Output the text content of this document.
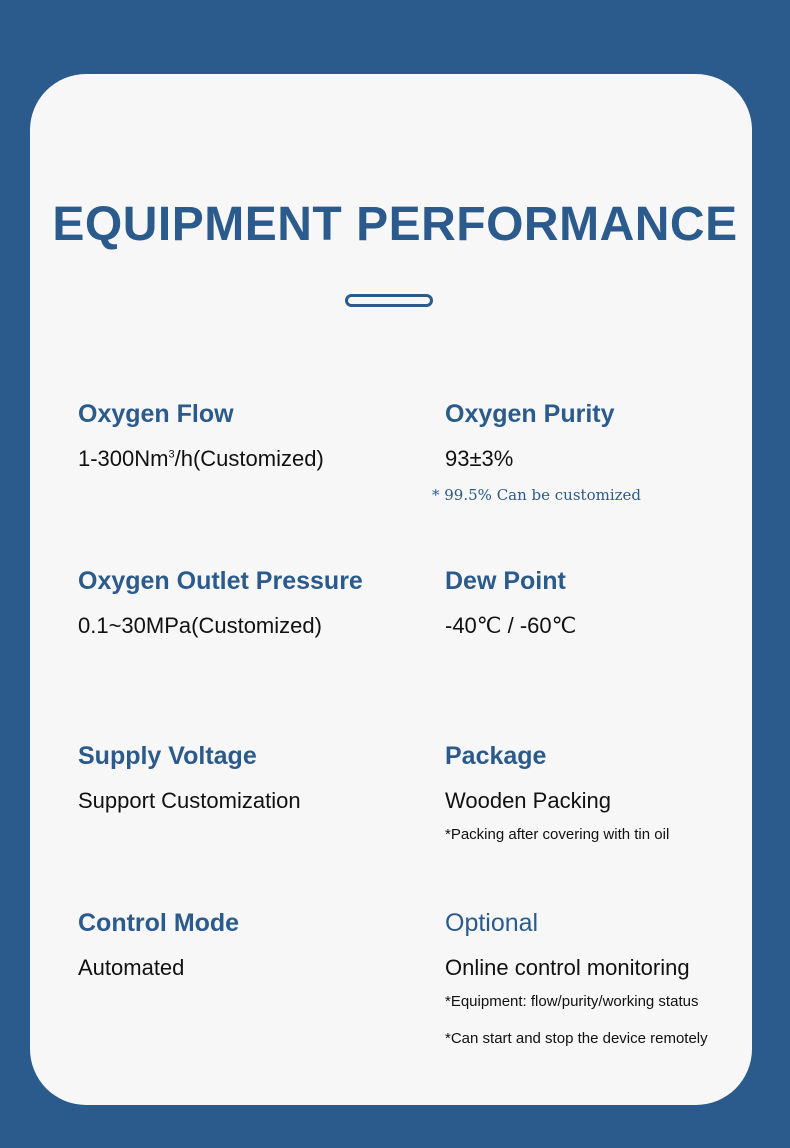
EQUIPMENT PERFORMANCE
Oxygen Flow
1-300Nm$^3$/h(Customized)
Oxygen Purity
93±3%
* 99.5% Can be customized
Oxygen Outlet Pressure
0.1~30MPa(Customized)
Dew Point
-40℃ / -60℃
Supply Voltage
Support Customization
Package
Wooden Packing
*Packing after covering with tin oil
Control Mode
Automated
Optional
Online control monitoring
*Equipment: flow/purity/working status
*Can start and stop the device remotely
